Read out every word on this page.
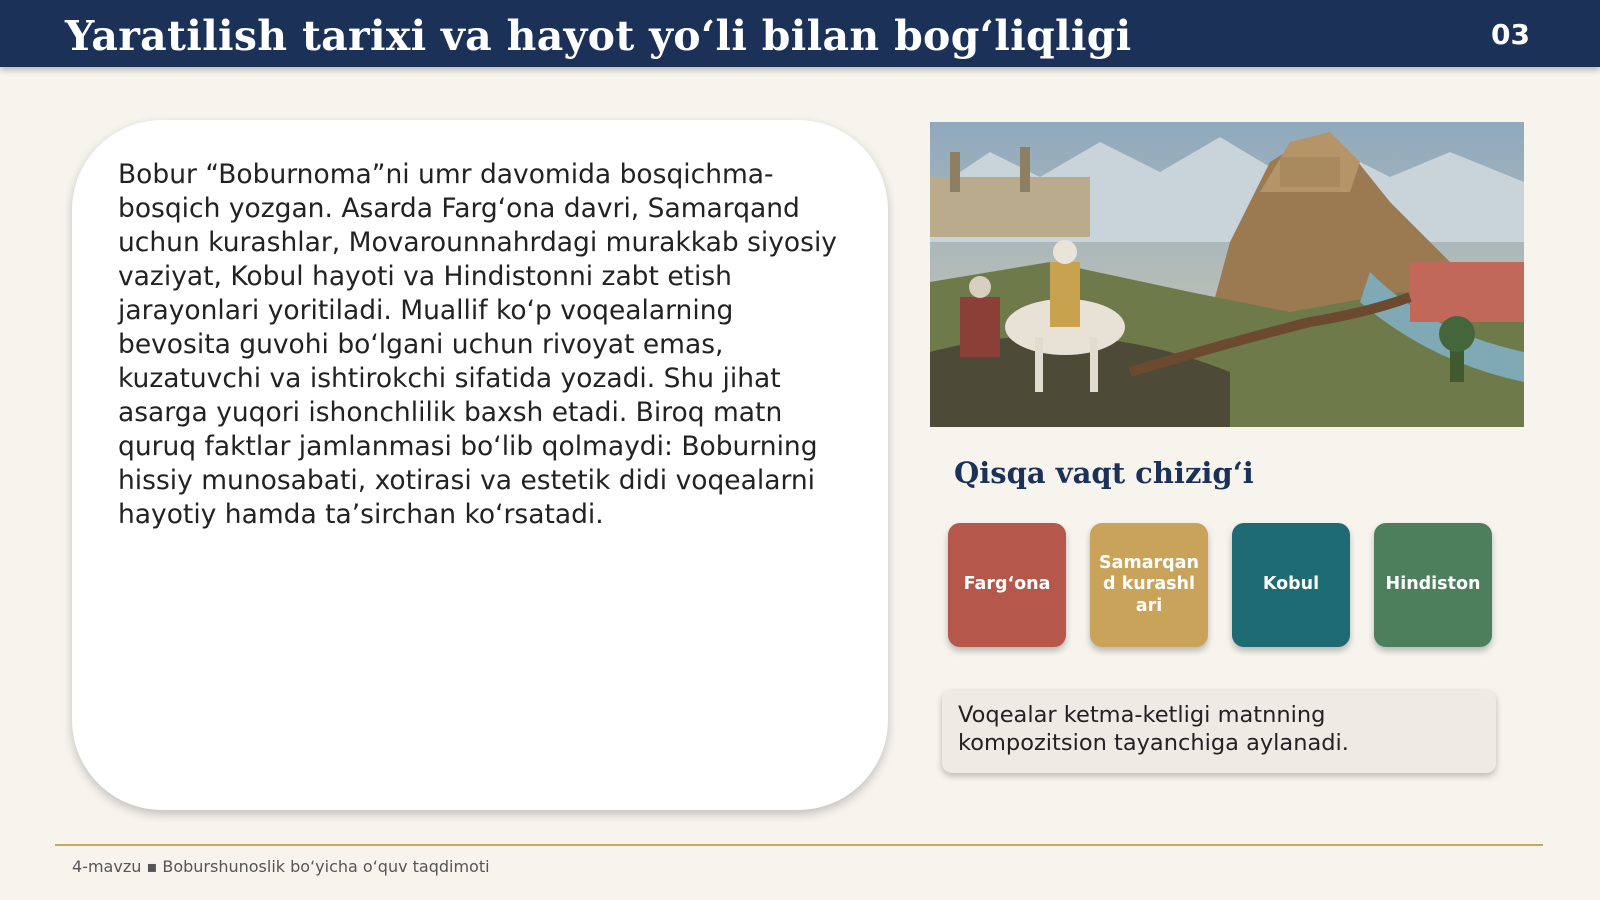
Yaratilish tarixi va hayot yo‘li bilan bog‘liqligi	03
Bobur “Boburnoma”ni umr davomida bosqichma-bosqich yozgan. Asarda Farg‘ona davri, Samarqand uchun kurashlar, Movarounnahrdagi murakkab siyosiy vaziyat, Kobul hayoti va Hindistonni zabt etish jarayonlari yoritiladi. Muallif ko‘p voqealarning bevosita guvohi bo‘lgani uchun rivoyat emas, kuzatuvchi va ishtirokchi sifatida yozadi. Shu jihat asarga yuqori ishonchlilik baxsh etadi. Biroq matn quruq faktlar jamlanmasi bo‘lib qolmaydi: Boburning hissiy munosabati, xotirasi va estetik didi voqealarni hayotiy hamda ta’sirchan ko‘rsatadi.
Qisqa vaqt chizig‘i
Farg‘ona
Samarqand kurashlari
Kobul	Hindiston
Voqealar ketma-ketligi matnning kompozitsion tayanchiga aylanadi.
4-mavzu ▪ Boburshunoslik bo‘yicha o‘quv taqdimoti
